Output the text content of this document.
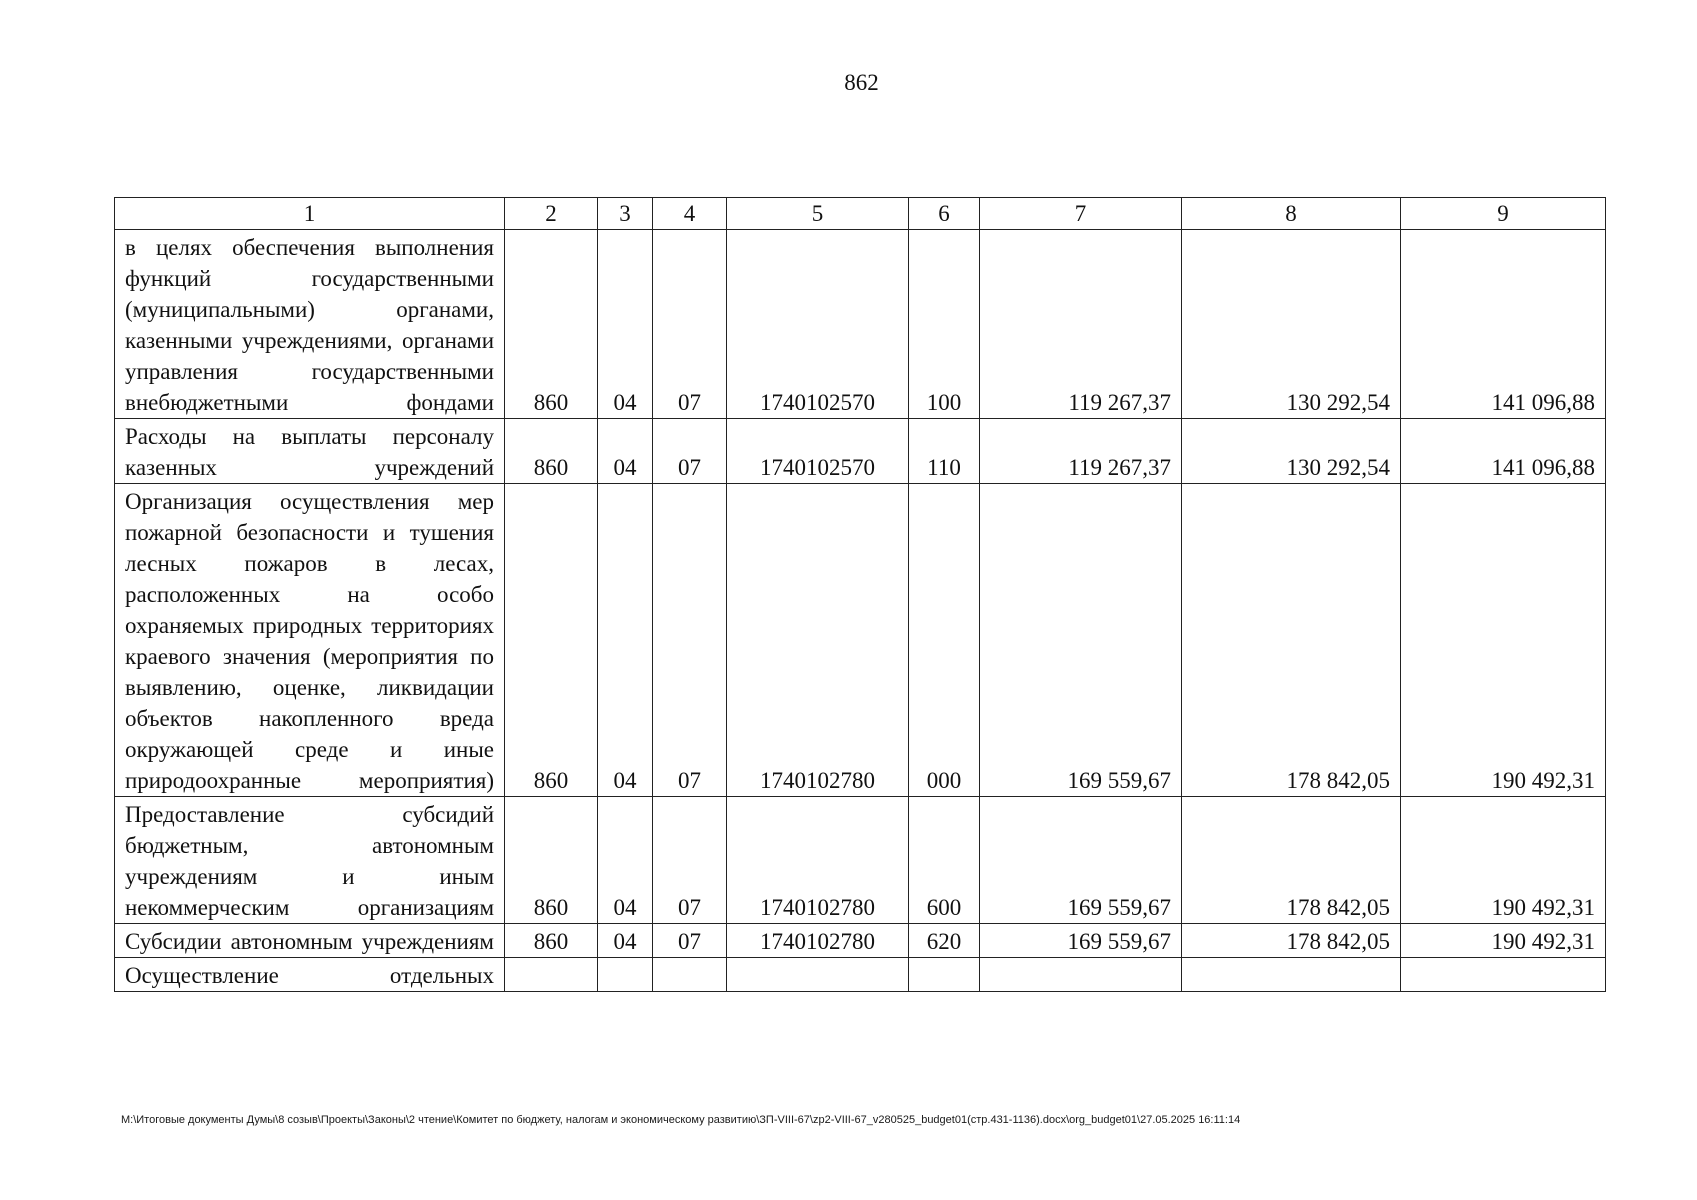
862
1	2	3	4	5	6	7	8	9
в целях обеспечения выполнения функций государственными (муниципальными) органами, казенными учреждениями, органами управления государственными внебюджетными фондами	860	04	07	1740102570	100	119 267,37	130 292,54	141 096,88
Расходы на выплаты персоналу казенных учреждений	860	04	07	1740102570	110	119 267,37	130 292,54	141 096,88
Организация осуществления мер пожарной безопасности и тушения лесных пожаров в лесах, расположенных на особо охраняемых природных территориях краевого значения (мероприятия по выявлению, оценке, ликвидации объектов накопленного вреда окружающей среде и иные природоохранные мероприятия)	860	04	07	1740102780	000	169 559,67	178 842,05	190 492,31
Предоставление субсидий бюджетным, автономным учреждениям и иным некоммерческим организациям	860	04	07	1740102780	600	169 559,67	178 842,05	190 492,31
Субсидии автономным учреждениям	860	04	07	1740102780	620	169 559,67	178 842,05	190 492,31
Осуществление отдельных								
M:\Итоговые документы Думы\8 созыв\Проекты\Законы\2 чтение\Комитет по бюджету, налогам и экономическому развитию\ЗП-VIII-67\zp2-VIII-67_v280525_budget01(стр.431-1136).docx\org_budget01\27.05.2025 16:11:14
